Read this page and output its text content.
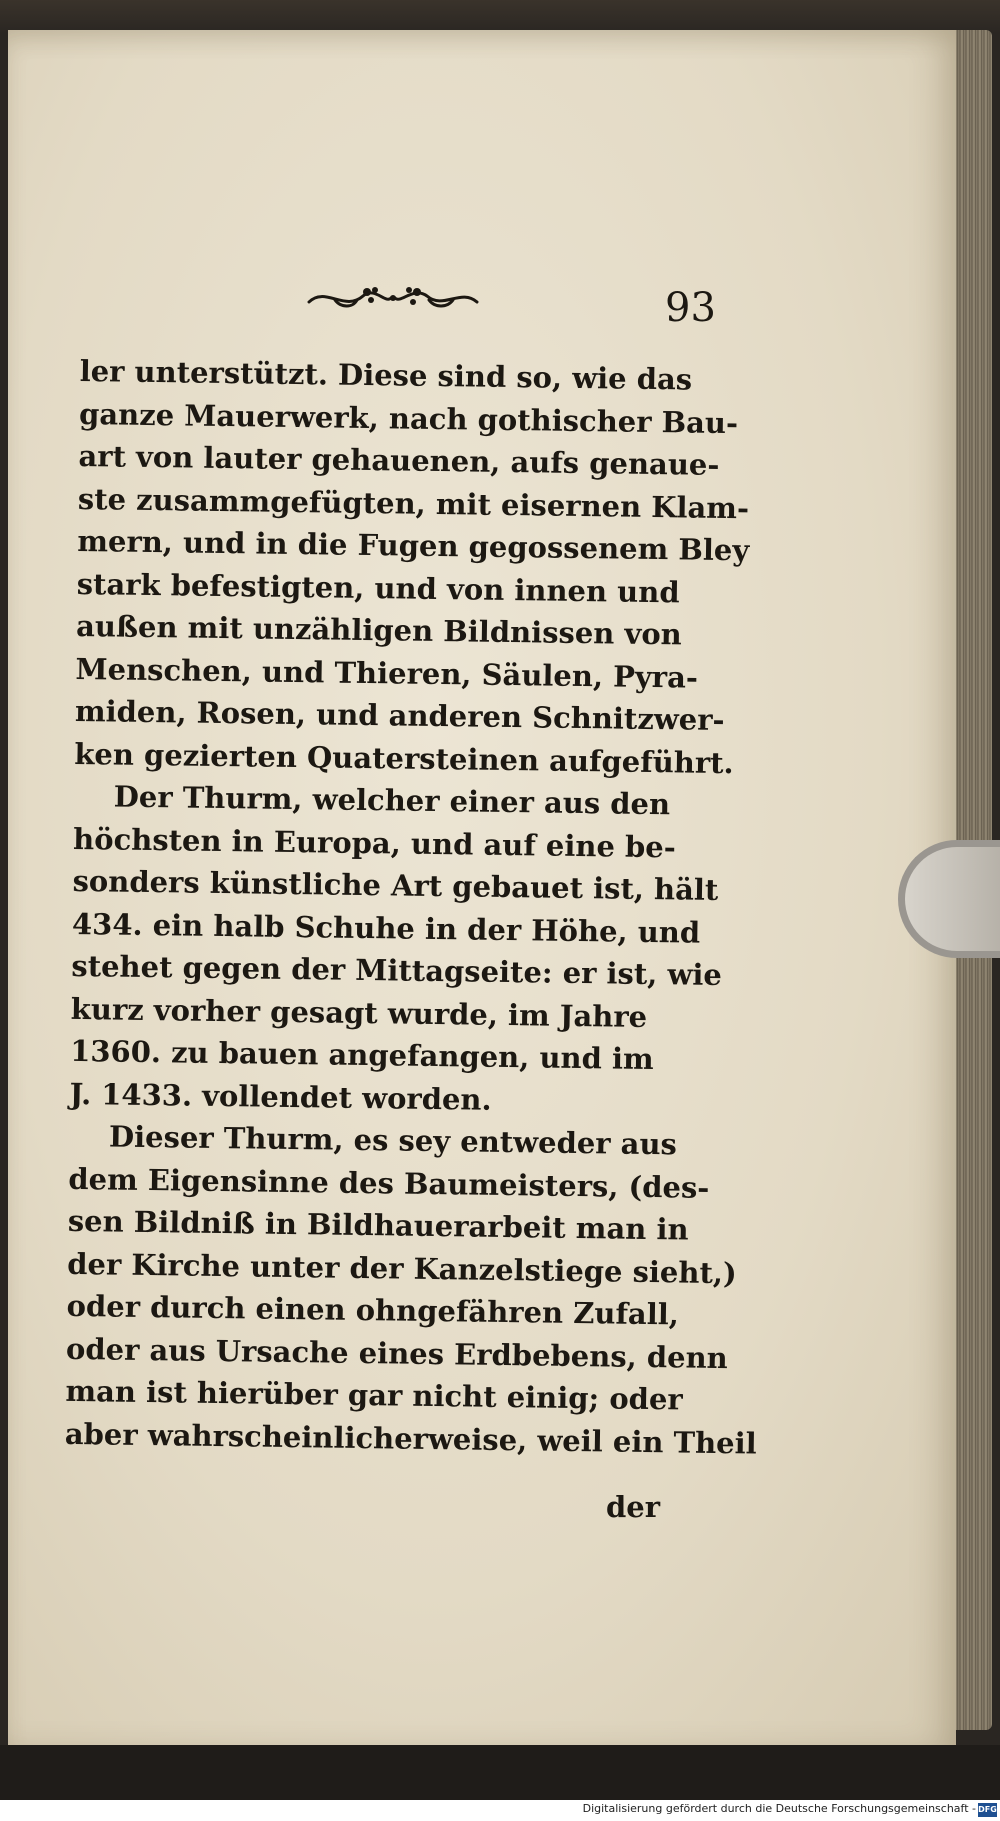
93
ler unterstützt. Diese sind so, wie das
ganze Mauerwerk, nach gothischer Bau-
art von lauter gehauenen, aufs genaue-
ste zusammgefügten, mit eisernen Klam-
mern, und in die Fugen gegossenem Bley
stark befestigten, und von innen und
außen mit unzähligen Bildnissen von
Menschen, und Thieren, Säulen, Pyra-
miden, Rosen, und anderen Schnitzwer-
ken gezierten Quatersteinen aufgeführt.
Der Thurm, welcher einer aus den
höchsten in Europa, und auf eine be-
sonders künstliche Art gebauet ist, hält
434. ein halb Schuhe in der Höhe, und
stehet gegen der Mittagseite: er ist, wie
kurz vorher gesagt wurde, im Jahre
1360. zu bauen angefangen, und im
J. 1433. vollendet worden.
Dieser Thurm, es sey entweder aus
dem Eigensinne des Baumeisters, (des-
sen Bildniß in Bildhauerarbeit man in
der Kirche unter der Kanzelstiege sieht,)
oder durch einen ohngefähren Zufall,
oder aus Ursache eines Erdbebens, denn
man ist hierüber gar nicht einig; oder
aber wahrscheinlicherweise, weil ein Theil
der
Digitalisierung gefördert durch die Deutsche Forschungsgemeinschaft - DFG
